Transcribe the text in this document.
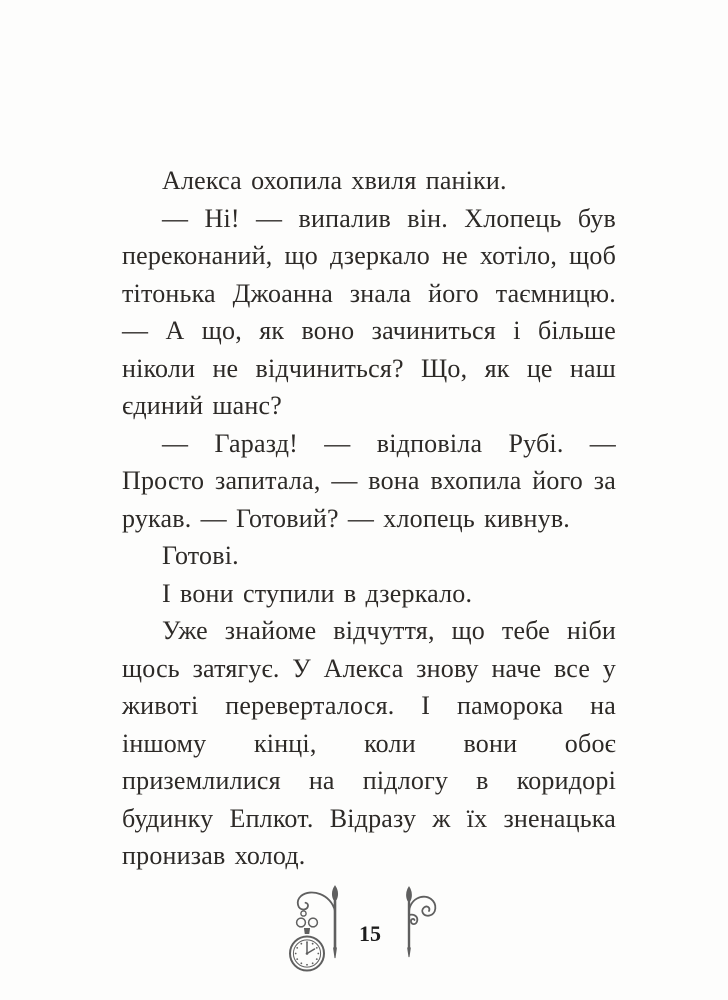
Алекса охопила хвиля паніки.

— Ні! — випалив він. Хлопець був переконаний, що дзеркало не хотіло, щоб тітонька Джоанна знала його таємницю. — А що, як воно зачиниться і більше ніколи не відчиниться? Що, як це наш єдиний шанс?

— Гаразд! — відповіла Рубі. — Просто запитала, — вона вхопила його за рукав. — Готовий? — хлопець кивнув.

Готові.

І вони ступили в дзеркало.

Уже знайоме відчуття, що тебе ніби щось затягує. У Алекса знову наче все у животі переверталося. І паморока на іншому кінці, коли вони обоє приземлилися на підлогу в коридорі будинку Еплкот. Відразу ж їх зненацька пронизав холод.

15
